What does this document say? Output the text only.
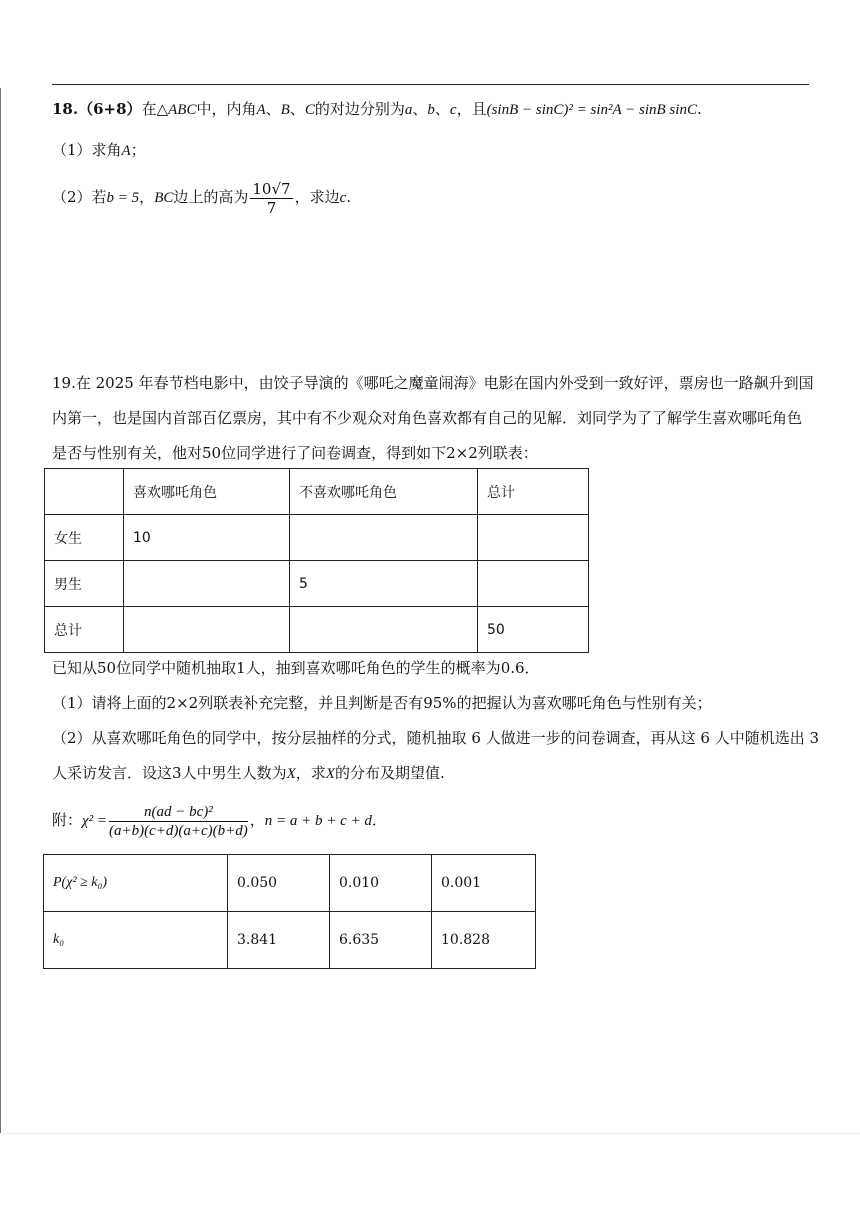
18.（6+8）在△ABC中，内角A、B、C的对边分别为a、b、c，且(sinB − sinC)² = sin²A − sinB sinC.
（1）求角A；
（2）若b = 5，BC边上的高为 $\frac{10√7}{7}$ ，求边c.
19.在 2025 年春节档电影中，由饺子导演的《哪吒之魔童闹海》电影在国内外受到一致好评，票房也一路飙升到国
内第一，也是国内首部百亿票房，其中有不少观众对角色喜欢都有自己的见解．刘同学为了了解学生喜欢哪吒角色
是否与性别有关，他对50位同学进行了问卷调查，得到如下2×2列联表：
	喜欢哪吒角色	不喜欢哪吒角色	总计
女生	10		
男生		5	
总计			50
已知从50位同学中随机抽取1人，抽到喜欢哪吒角色的学生的概率为0.6．
（1）请将上面的2×2列联表补充完整，并且判断是否有95%的把握认为喜欢哪吒角色与性别有关；
（2）从喜欢哪吒角色的同学中，按分层抽样的分式，随机抽取 6 人做进一步的问卷调查，再从这 6 人中随机选出 3
人采访发言．设这3人中男生人数为X，求X的分布及期望值.
附：$\chi^2 = \frac{\text{n(ad − bc)²}}{(a+b)(c+d)(a+c)(b+d)}$ ，n = a + b + c + d．
P(χ² ≥ k₀)	0.050	0.010	0.001
k₀	3.841	6.635	10.828
